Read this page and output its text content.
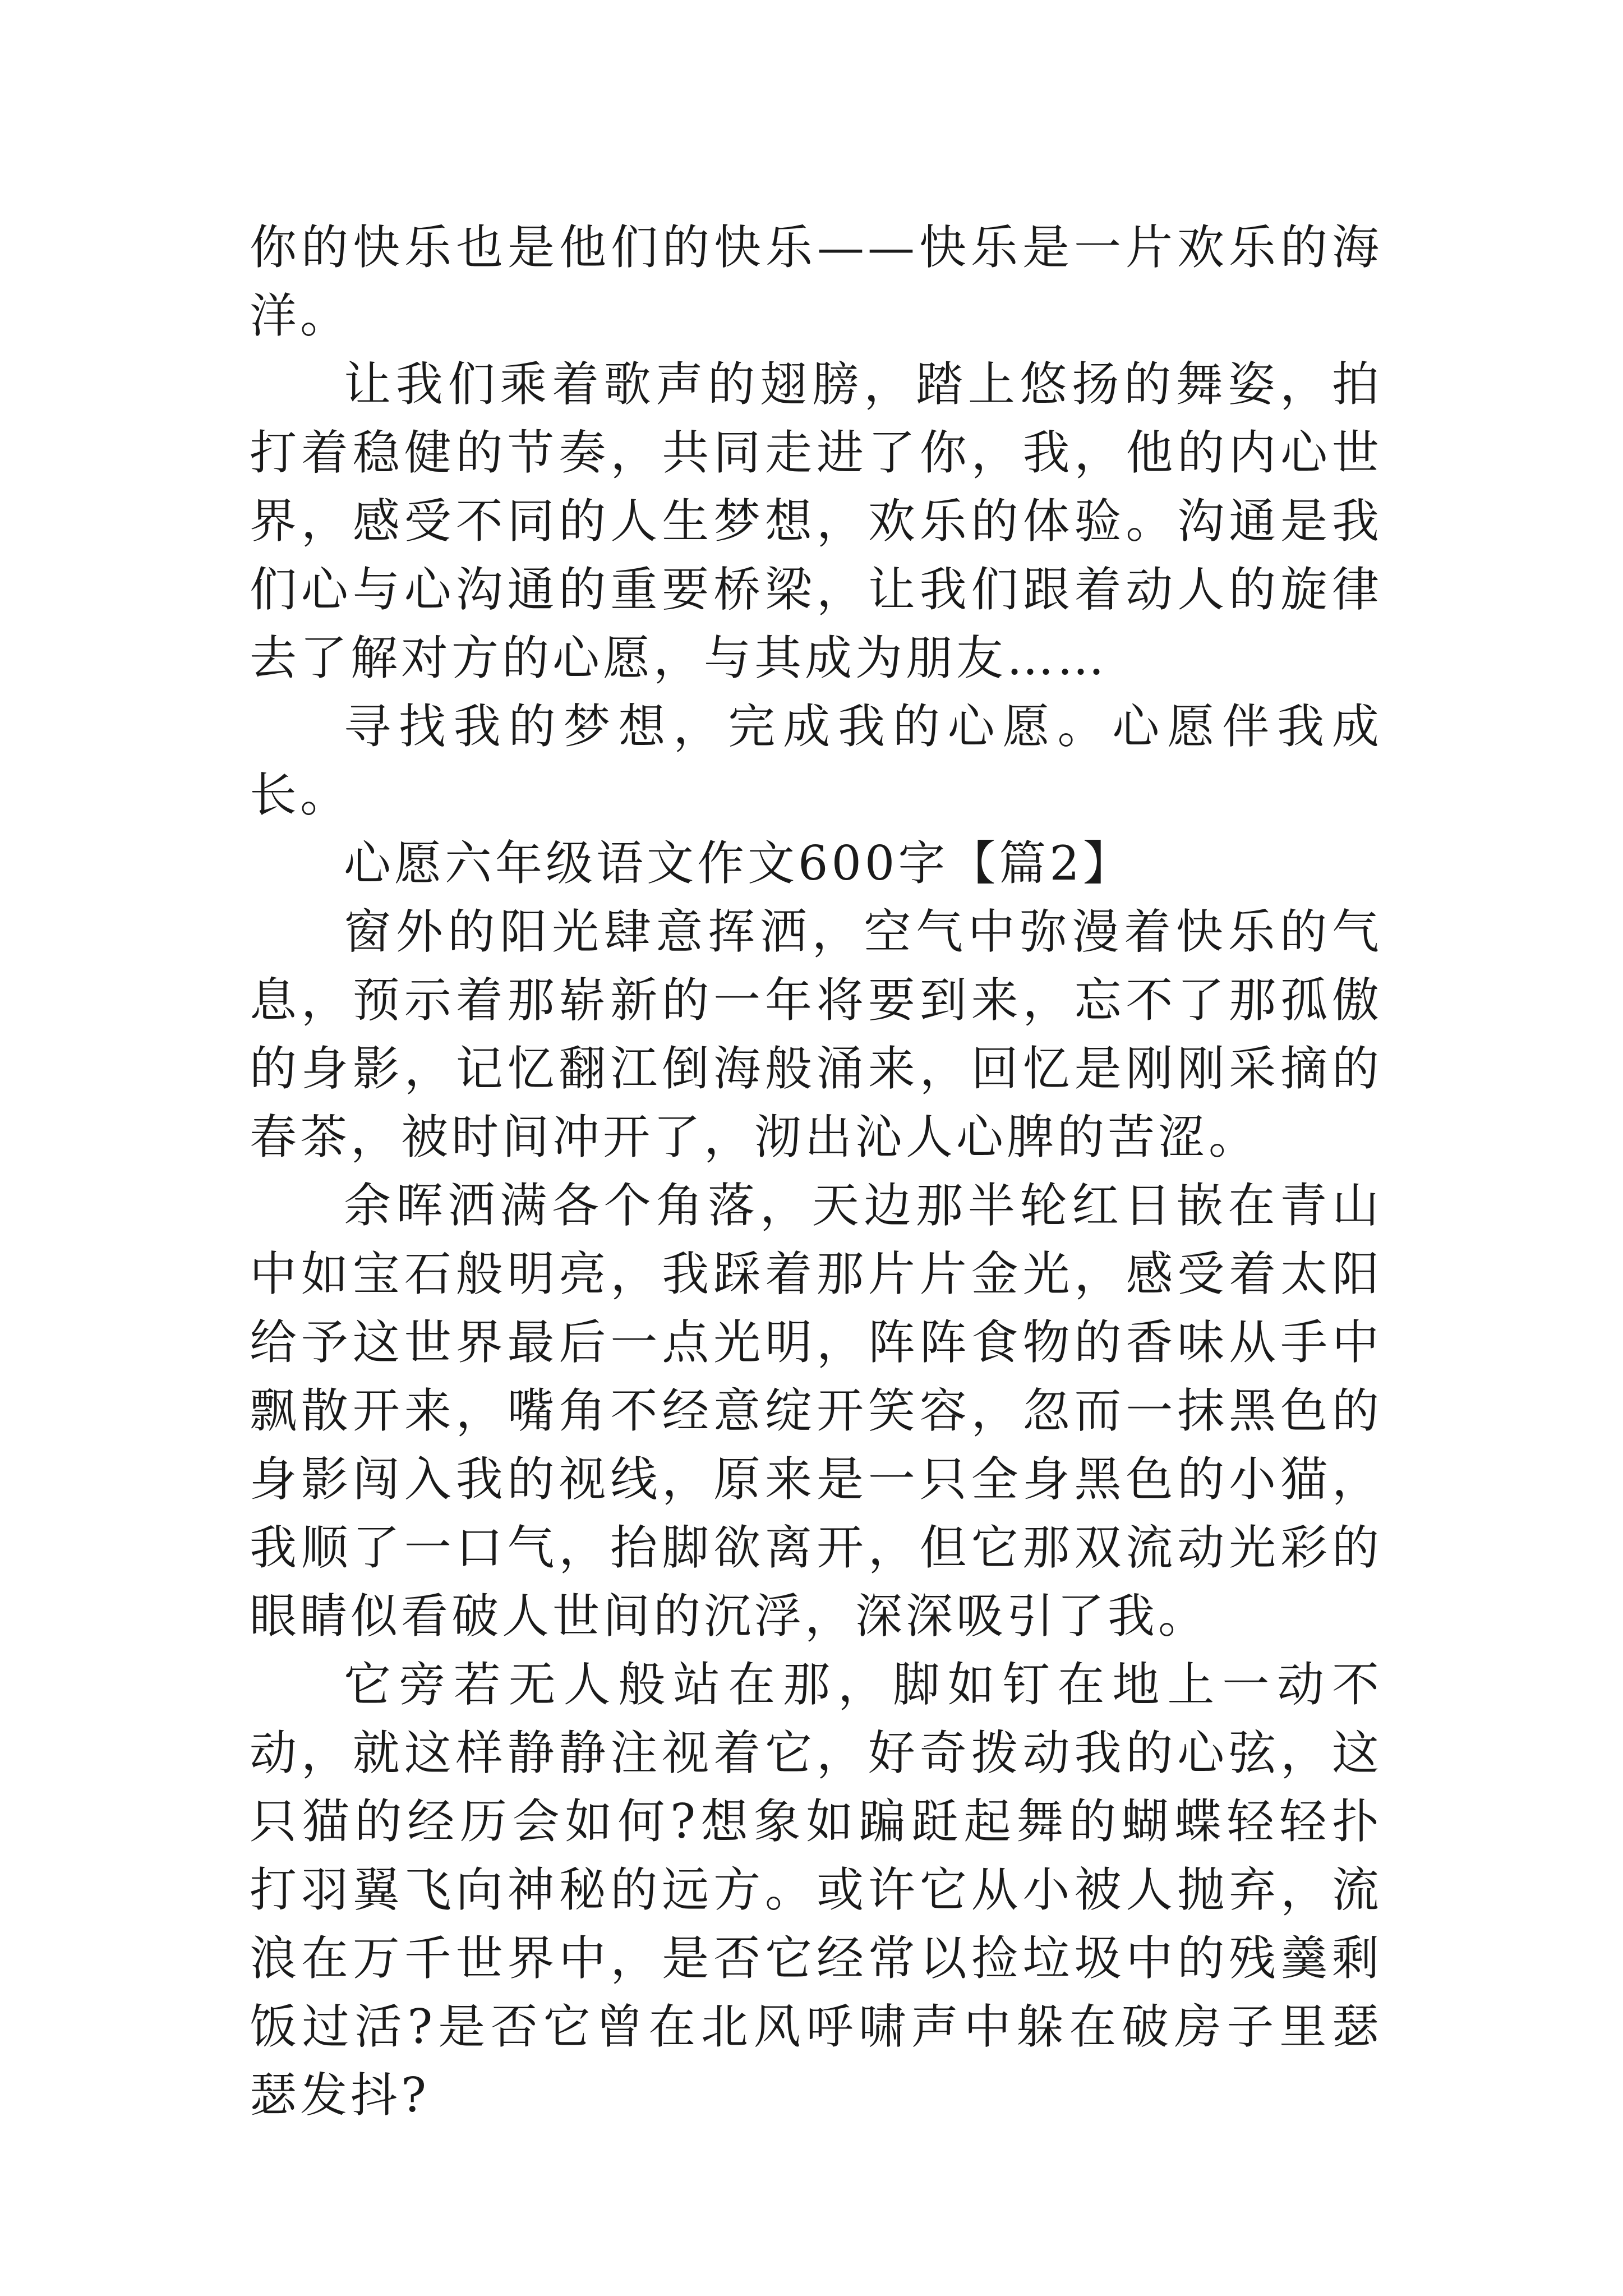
你的快乐也是他们的快乐——快乐是一片欢乐的海洋。

让我们乘着歌声的翅膀，踏上悠扬的舞姿，拍打着稳健的节奏，共同走进了你，我，他的内心世界，感受不同的人生梦想，欢乐的体验。沟通是我们心与心沟通的重要桥梁，让我们跟着动人的旋律去了解对方的心愿，与其成为朋友……

寻找我的梦想，完成我的心愿。心愿伴我成长。

心愿六年级语文作文600字【篇2】

窗外的阳光肆意挥洒，空气中弥漫着快乐的气息，预示着那崭新的一年将要到来，忘不了那孤傲的身影，记忆翻江倒海般涌来，回忆是刚刚采摘的春茶，被时间冲开了，沏出沁人心脾的苦涩。

余晖洒满各个角落，天边那半轮红日嵌在青山中如宝石般明亮，我踩着那片片金光，感受着太阳给予这世界最后一点光明，阵阵食物的香味从手中飘散开来，嘴角不经意绽开笑容，忽而一抹黑色的身影闯入我的视线，原来是一只全身黑色的小猫，我顺了一口气，抬脚欲离开，但它那双流动光彩的眼睛似看破人世间的沉浮，深深吸引了我。

它旁若无人般站在那，脚如钉在地上一动不动，就这样静静注视着它，好奇拨动我的心弦，这只猫的经历会如何?想象如蹁跹起舞的蝴蝶轻轻扑打羽翼飞向神秘的远方。或许它从小被人抛弃，流浪在万千世界中，是否它经常以捡垃圾中的残羹剩饭过活?是否它曾在北风呼啸声中躲在破房子里瑟瑟发抖?
